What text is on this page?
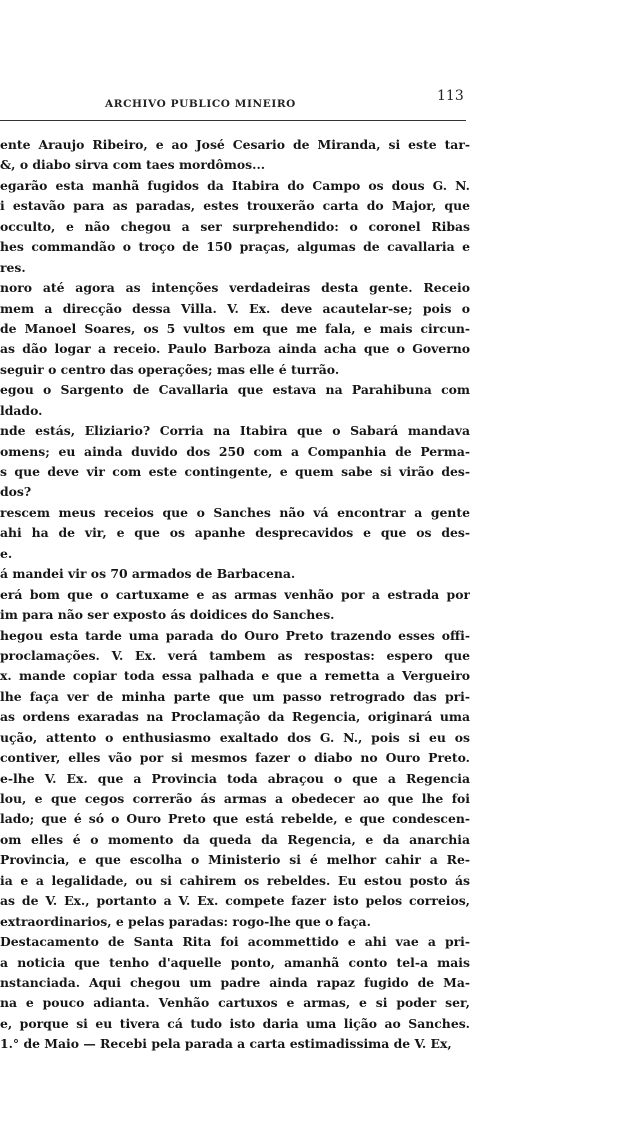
ARCHIVO PUBLICO MINEIRO	113
ente Araujo Ribeiro, e ao José Cesario de Miranda, si este tar-
&, o diabo sirva com taes mordômos...
egarão esta manhã fugidos da Itabira do Campo os dous G. N.
i estavão para as paradas, estes trouxerão carta do Major, que
occulto, e não chegou a ser surprehendido: o coronel Ribas
hes commandão o troço de 150 praças, algumas de cavallaria e
res.
noro até agora as intenções verdadeiras desta gente. Receio
mem a direcção dessa Villa. V. Ex. deve acautelar-se; pois o
de Manoel Soares, os 5 vultos em que me fala, e mais circun-
as dão logar a receio. Paulo Barboza ainda acha que o Governo
seguir o centro das operações; mas elle é turrão.
egou o Sargento de Cavallaria que estava na Parahibuna com
ldado.
nde estás, Eliziario? Corria na Itabira que o Sabará mandava
omens; eu ainda duvido dos 250 com a Companhia de Perma-
s que deve vir com este contingente, e quem sabe si virão des-
dos?
rescem meus receios que o Sanches não vá encontrar a gente
ahi ha de vir, e que os apanhe desprecavidos e que os des-
e.
á mandei vir os 70 armados de Barbacena.
erá bom que o cartuxame e as armas venhão por a estrada por
im para não ser exposto ás doidices do Sanches.
hegou esta tarde uma parada do Ouro Preto trazendo esses offi-
proclamações. V. Ex. verá tambem as respostas: espero que
x. mande copiar toda essa palhada e que a remetta a Vergueiro
lhe faça ver de minha parte que um passo retrogrado das pri-
as ordens exaradas na Proclamação da Regencia, originará uma
ução, attento o enthusiasmo exaltado dos G. N., pois si eu os
contiver, elles vão por si mesmos fazer o diabo no Ouro Preto.
e-lhe V. Ex. que a Provincia toda abraçou o que a Regencia
lou, e que cegos correrão ás armas a obedecer ao que lhe foi
lado; que é só o Ouro Preto que está rebelde, e que condescen-
om elles é o momento da queda da Regencia, e da anarchia
Provincia, e que escolha o Ministerio si é melhor cahir a Re-
ia e a legalidade, ou si cahirem os rebeldes. Eu estou posto ás
as de V. Ex., portanto a V. Ex. compete fazer isto pelos correios,
extraordinarios, e pelas paradas: rogo-lhe que o faça.
Destacamento de Santa Rita foi acommettido e ahi vae a pri-
a noticia que tenho d'aquelle ponto, amanhã conto tel-a mais
nstanciada. Aqui chegou um padre ainda rapaz fugido de Ma-
na e pouco adianta. Venhão cartuxos e armas, e si poder ser,
e, porque si eu tivera cá tudo isto daria uma lição ao Sanches.
1.° de Maio — Recebi pela parada a carta estimadissima de V. Ex,
